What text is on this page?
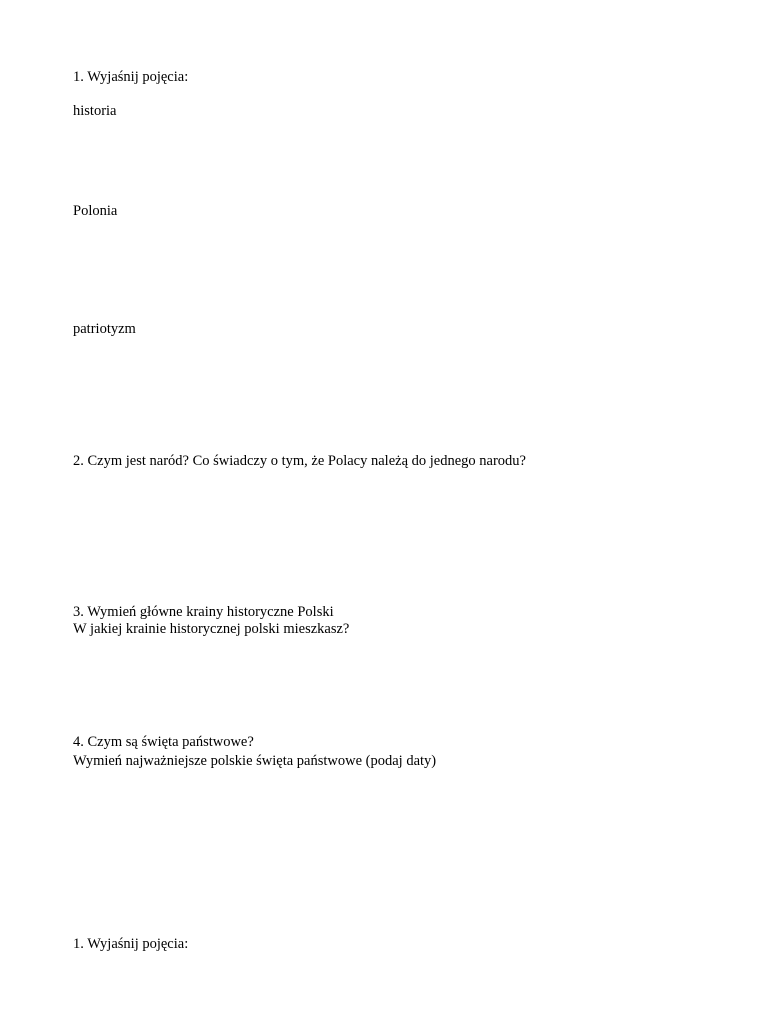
1. Wyjaśnij pojęcia:

historia

Polonia

patriotyzm

2. Czym jest naród? Co świadczy o tym, że Polacy należą do jednego narodu?

3. Wymień główne krainy historyczne Polski

W jakiej krainie historycznej polski mieszkasz?

4. Czym są święta państwowe?

Wymień najważniejsze polskie święta państwowe (podaj daty)

1. Wyjaśnij pojęcia:
